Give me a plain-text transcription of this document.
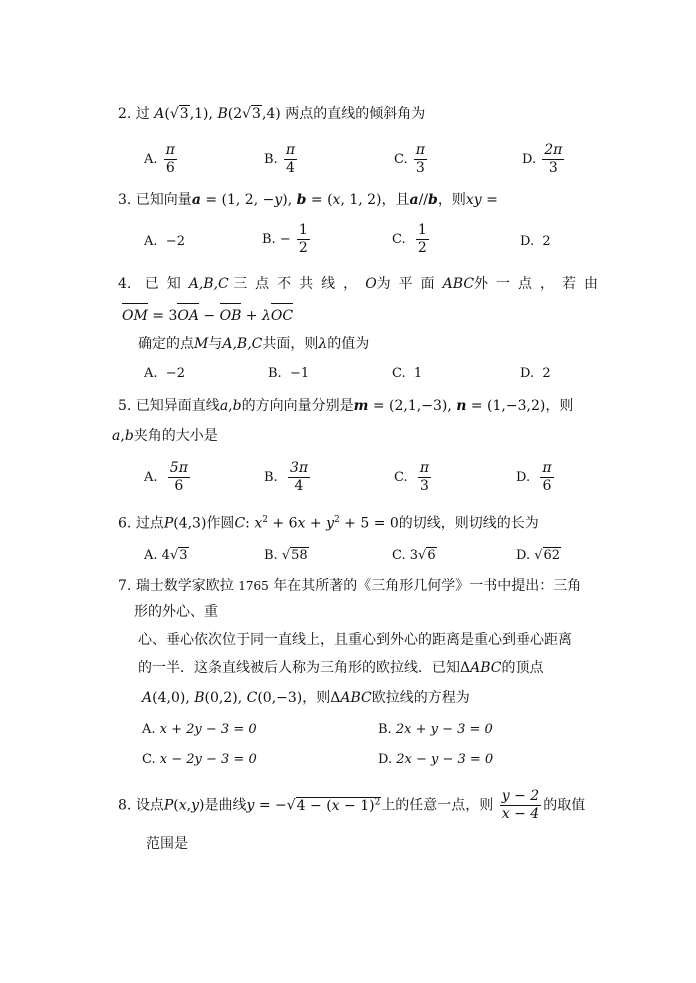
2. 过 A(√3,1), B(2√3,4) 两点的直线的倾斜角为
A. $\frac{\pi}{6}$	B. $\frac{\pi}{4}$	C. $\frac{\pi}{3}$	D. $\frac{2\pi}{3}$
3. 已知向量a = (1, 2, −y), b = (x, 1, 2)，且a//b，则xy =
A. −2	B. − $\frac{1}{2}$	C. $\frac{1}{2}$	D. 2
4. 已知A,B,C 三点不共线，O为平面ABC外一点，若由
OM = 3OA − OB + λOC
确定的点M与A,B,C共面，则λ的值为
A. −2	B. −1	C. 1	D. 2
5. 已知异面直线a,b的方向向量分别是m = (2,1,−3), n = (1,−3,2)，则
a,b夹角的大小是
A. $\frac{5\pi}{6}$	B. $\frac{3\pi}{4}$	C. $\frac{\pi}{3}$	D. $\frac{\pi}{6}$
6. 过点P(4,3)作圆C: $x^2 + 6x + y^2 + 5 = 0$的切线，则切线的长为
A. 4√3	B. √58	C. 3√6	D. √62
7. 瑞士数学家欧拉 1765 年在其所著的《三角形几何学》一书中提出：三角
形的外心、重
心、垂心依次位于同一直线上，且重心到外心的距离是重心到垂心距离
的一半．这条直线被后人称为三角形的欧拉线．已知ΔABC的顶点
A(4,0), B(0,2), C(0,−3)，则ΔABC欧拉线的方程为
A. x + 2y − 3 = 0	B. 2x + y − 3 = 0
C. x − 2y − 3 = 0	D. 2x − y − 3 = 0
8. 设点P(x,y)是曲线$y = -√4 - (x - 1)^2$上的任意一点，则 $\frac{y - 2}{x - 4}$ 的取值
范围是
